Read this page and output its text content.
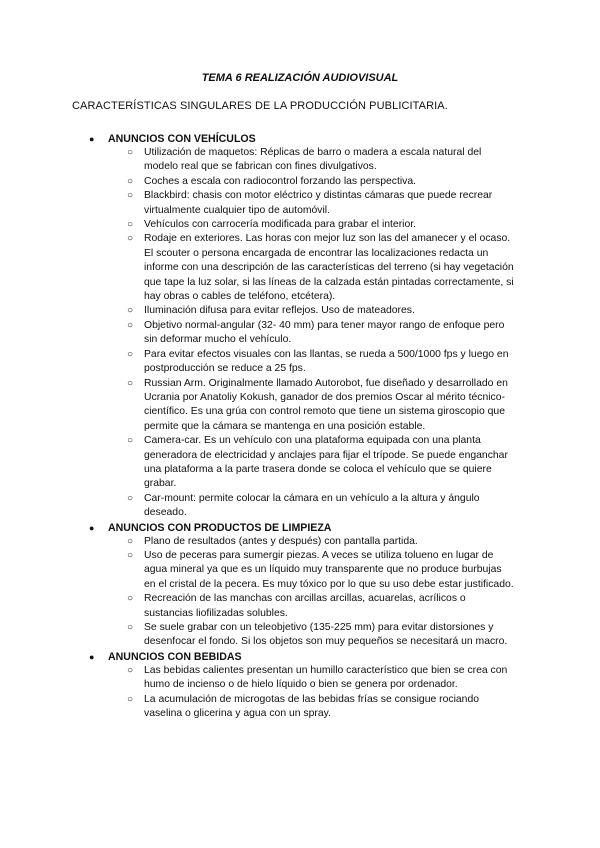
TEMA 6 REALIZACIÓN AUDIOVISUAL
CARACTERÍSTICAS SINGULARES DE LA PRODUCCIÓN PUBLICITARIA.
● ANUNCIOS CON VEHÍCULOS
○ Utilización de maquetos: Réplicas de barro o madera a escala natural del modelo real que se fabrican con fines divulgativos.
○ Coches a escala con radiocontrol forzando las perspectiva.
○ Blackbird: chasis con motor eléctrico y distintas cámaras que puede recrear virtualmente cualquier tipo de automóvil.
○ Vehículos con carrocería modificada para grabar el interior.
○ Rodaje en exteriores. Las horas con mejor luz son las del amanecer y el ocaso. El scouter o persona encargada de encontrar las localizaciones redacta un informe con una descripción de las características del terreno (si hay vegetación que tape la luz solar, si las líneas de la calzada están pintadas correctamente, si hay obras o cables de teléfono, etcétera).
○ Iluminación difusa para evitar reflejos. Uso de mateadores.
○ Objetivo normal-angular (32- 40 mm) para tener mayor rango de enfoque pero sin deformar mucho el vehículo.
○ Para evitar efectos visuales con las llantas, se rueda a 500/1000 fps y luego en postproducción se reduce a 25 fps.
○ Russian Arm. Originalmente llamado Autorobot, fue diseñado y desarrollado en Ucrania por Anatoliy Kokush, ganador de dos premios Oscar al mérito técnico-científico. Es una grúa con control remoto que tiene un sistema giroscopio que permite que la cámara se mantenga en una posición estable.
○ Camera-car. Es un vehículo con una plataforma equipada con una planta generadora de electricidad y anclajes para fijar el trípode. Se puede enganchar una plataforma a la parte trasera donde se coloca el vehículo que se quiere grabar.
○ Car-mount: permite colocar la cámara en un vehículo a la altura y ángulo deseado.
● ANUNCIOS CON PRODUCTOS DE LIMPIEZA
○ Plano de resultados (antes y después) con pantalla partida.
○ Uso de peceras para sumergir piezas. A veces se utiliza tolueno en lugar de agua mineral ya que es un líquido muy transparente que no produce burbujas en el cristal de la pecera. Es muy tóxico por lo que su uso debe estar justificado.
○ Recreación de las manchas con arcillas arcillas, acuarelas, acrílicos o sustancias liofilizadas solubles.
○ Se suele grabar con un teleobjetivo (135-225 mm) para evitar distorsiones y desenfocar el fondo. Si los objetos son muy pequeños se necesitará un macro.
● ANUNCIOS CON BEBIDAS
○ Las bebidas calientes presentan un humillo característico que bien se crea con humo de incienso o de hielo líquido o bien se genera por ordenador.
○ La acumulación de microgotas de las bebidas frías se consigue rociando vaselina o glicerina y agua con un spray.
